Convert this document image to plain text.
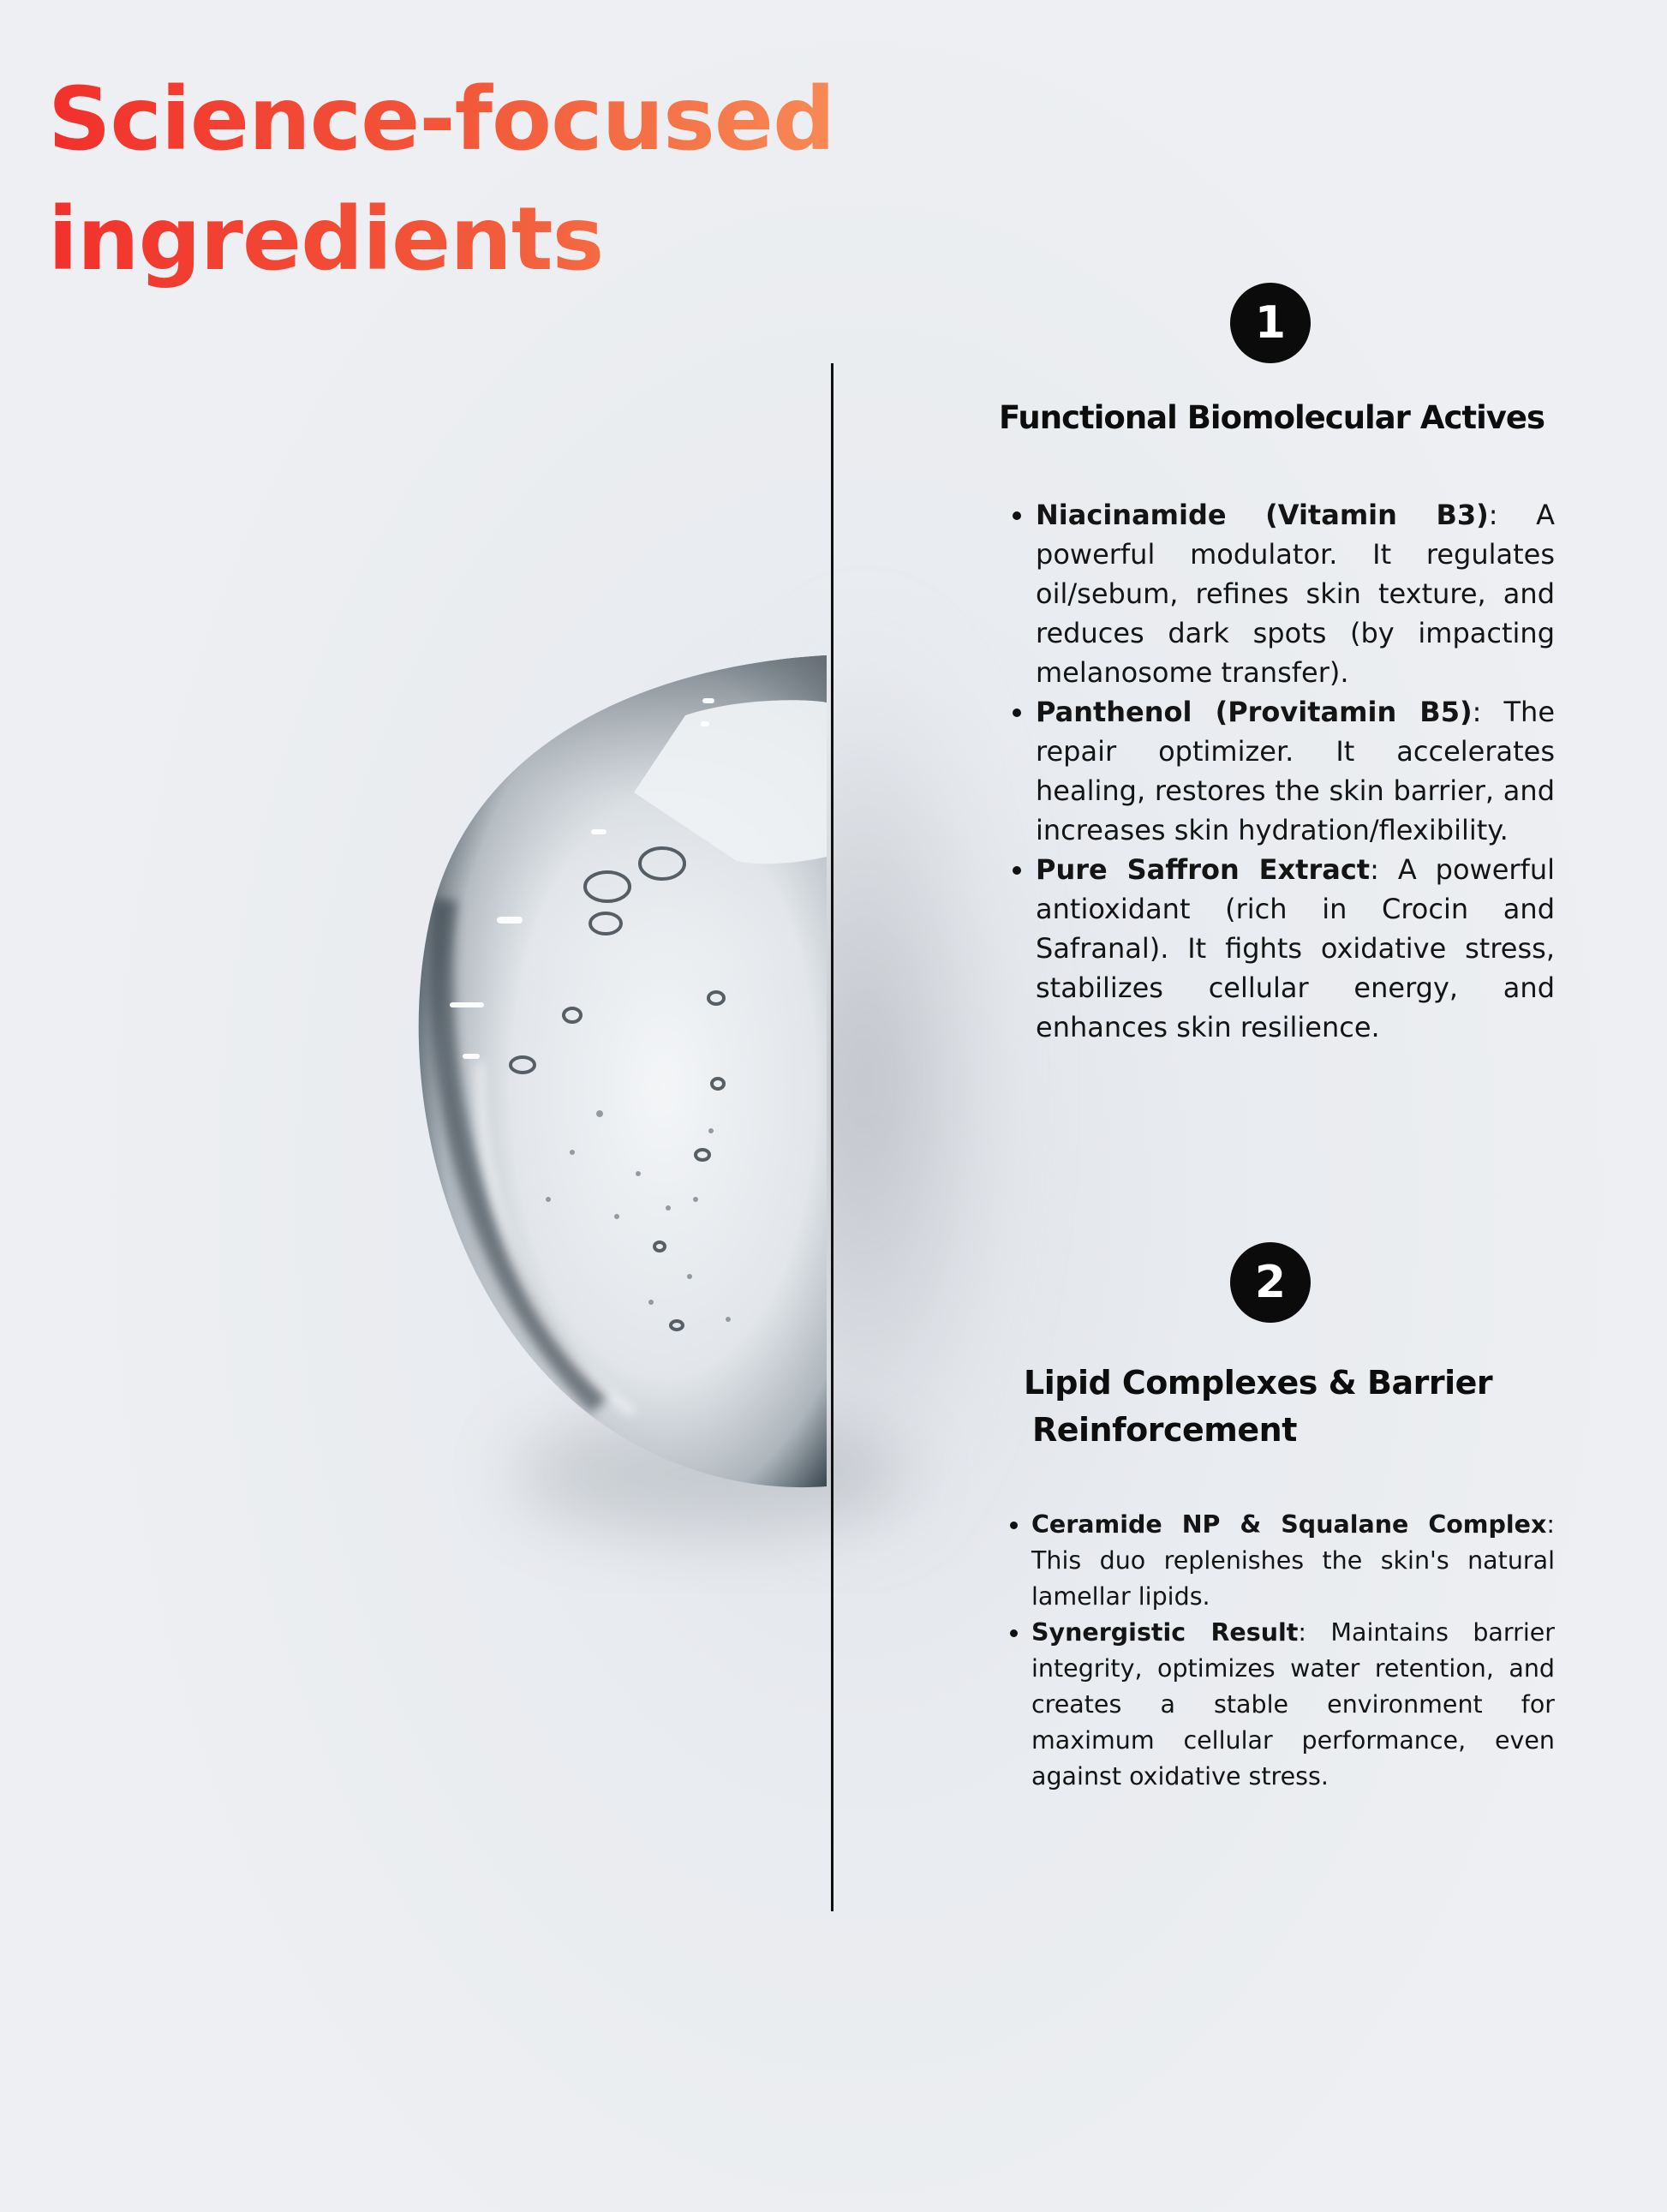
Science-focused
ingredients
1
Functional Biomolecular Actives
Niacinamide (Vitamin B3): A powerful modulator. It regulates oil/sebum, refines skin texture, and reduces dark spots (by impacting melanosome transfer).
Panthenol (Provitamin B5): The repair optimizer. It accelerates healing, restores the skin barrier, and increases skin hydration/flexibility.
Pure Saffron Extract: A powerful antioxidant (rich in Crocin and Safranal). It fights oxidative stress, stabilizes cellular energy, and enhances skin resilience.
2
Lipid Complexes & Barrier
Reinforcement
Ceramide NP & Squalane Complex: This duo replenishes the skin's natural lamellar lipids.
Synergistic Result: Maintains barrier integrity, optimizes water retention, and creates a stable environment for maximum cellular performance, even against oxidative stress.
